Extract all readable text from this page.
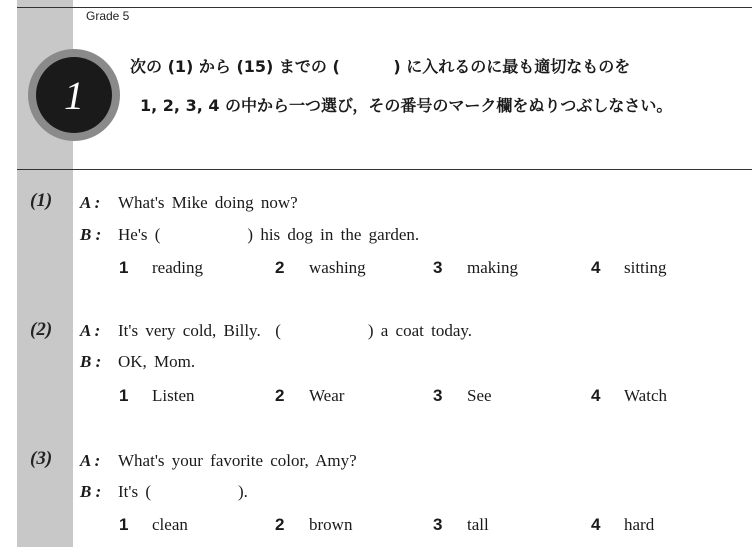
Grade 5
1
次の (1) から (15) までの (　　　 ) に入れるのに最も適切なものを
1, 2, 3, 4 の中から一つ選び，その番号のマーク欄をぬりつぶしなさい。
(1) A : What's Mike doing now?
B : He's (            ) his dog in the garden.
1 reading	2 washing	3 making	4 sitting
(2) A : It's very cold, Billy.  (            ) a coat today.
B : OK, Mom.
1 Listen	2 Wear	3 See	4 Watch
(3) A : What's your favorite color, Amy?
B : It's (            ).
1 clean	2 brown	3 tall	4 hard
